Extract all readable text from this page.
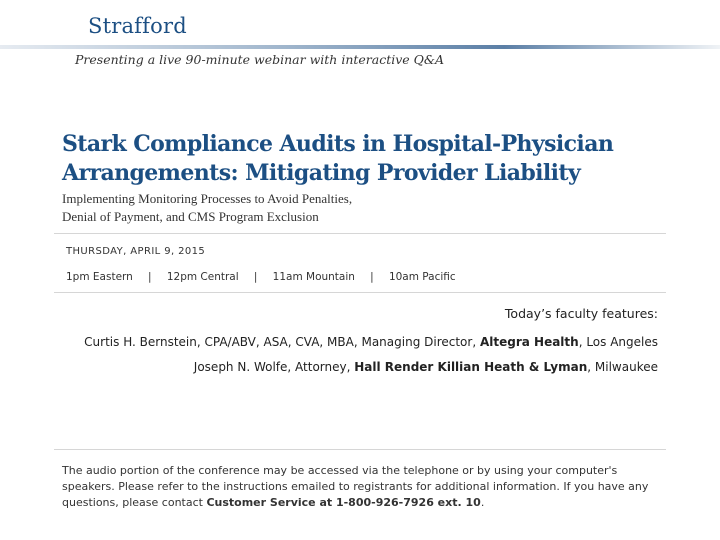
Strafford
Presenting a live 90-minute webinar with interactive Q&A
Stark Compliance Audits in Hospital-Physician Arrangements: Mitigating Provider Liability
Implementing Monitoring Processes to Avoid Penalties,
Denial of Payment, and CMS Program Exclusion
THURSDAY, APRIL 9, 2015
1pm Eastern | 12pm Central | 11am Mountain | 10am Pacific
Today’s faculty features:
Curtis H. Bernstein, CPA/ABV, ASA, CVA, MBA, Managing Director, Altegra Health, Los Angeles
Joseph N. Wolfe, Attorney, Hall Render Killian Heath & Lyman, Milwaukee
The audio portion of the conference may be accessed via the telephone or by using your computer's speakers. Please refer to the instructions emailed to registrants for additional information. If you have any questions, please contact Customer Service at 1-800-926-7926 ext. 10.
